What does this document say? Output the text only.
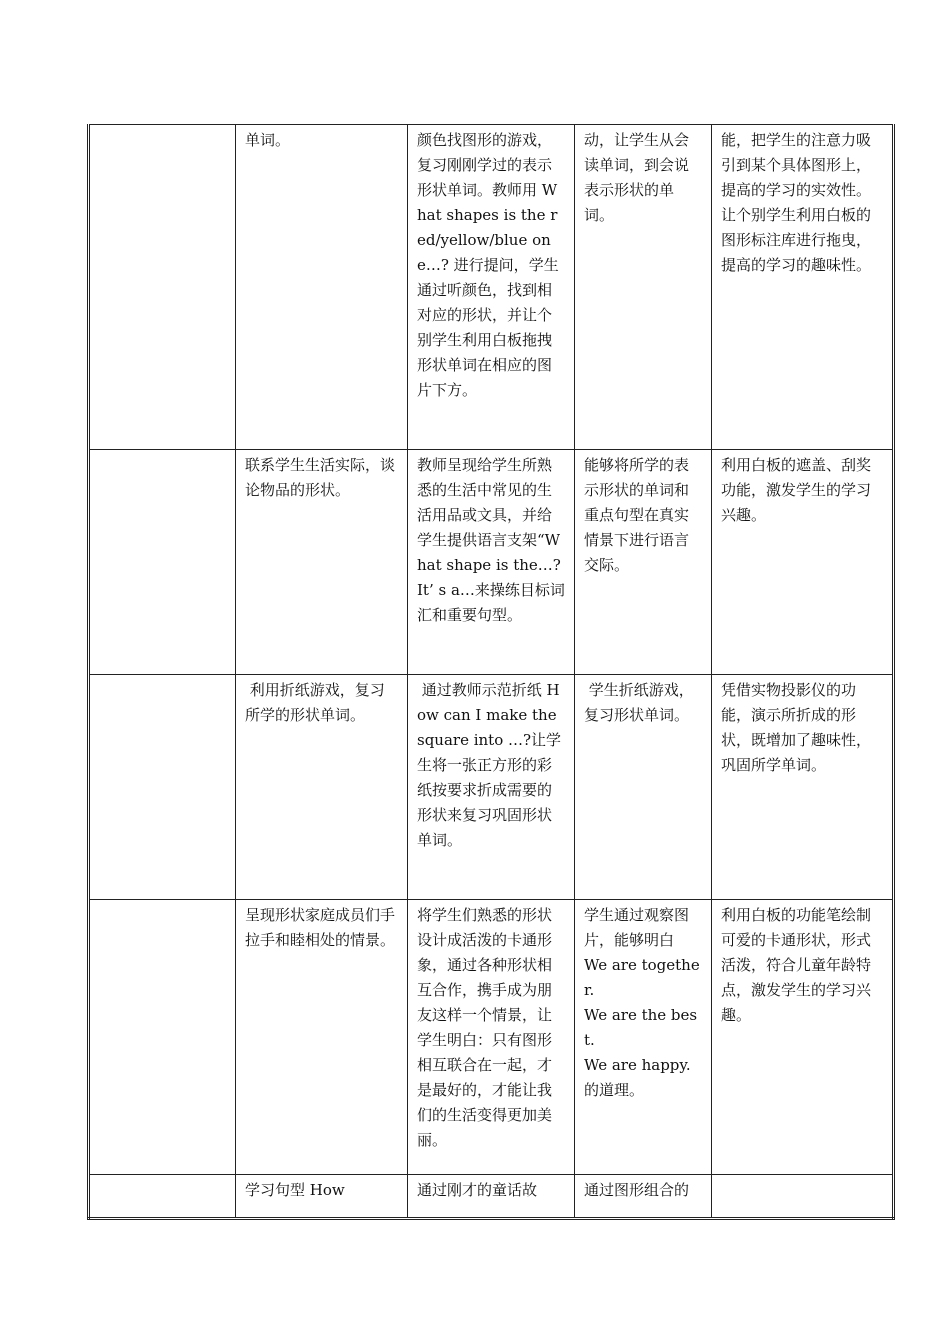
	单词。	颜色找图形的游戏，复习刚刚学过的表示形状单词。教师用 What shapes is the red/yellow/blue one…? 进行提问，学生通过听颜色，找到相对应的形状，并让个别学生利用白板拖拽形状单词在相应的图片下方。	动，让学生从会读单词，到会说表示形状的单词。	能，把学生的注意力吸引到某个具体图形上，提高的学习的实效性。让个别学生利用白板的图形标注库进行拖曳，提高的学习的趣味性。

	联系学生生活实际，谈论物品的形状。	教师呈现给学生所熟悉的生活中常见的生活用品或文具，并给学生提供语言支架“What shape is the…? It’ s a…来操练目标词汇和重要句型。	能够将所学的表示形状的单词和重点句型在真实情景下进行语言交际。	利用白板的遮盖、刮奖功能，激发学生的学习兴趣。

	利用折纸游戏，复习所学的形状单词。	通过教师示范折纸 How can I make the square into …?让学生将一张正方形的彩纸按要求折成需要的形状来复习巩固形状单词。	学生折纸游戏，复习形状单词。	凭借实物投影仪的功能，演示所折成的形状，既增加了趣味性，巩固所学单词。

	呈现形状家庭成员们手拉手和睦相处的情景。	将学生们熟悉的形状设计成活泼的卡通形象，通过各种形状相互合作，携手成为朋友这样一个情景，让学生明白：只有图形相互联合在一起，才是最好的，才能让我们的生活变得更加美丽。	学生通过观察图片，能够明白
We are together.
We are the best.
We are happy.
的道理。	利用白板的功能笔绘制可爱的卡通形状，形式活泼，符合儿童年龄特点，激发学生的学习兴趣。

	学习句型 How	通过刚才的童话故	通过图形组合的	
